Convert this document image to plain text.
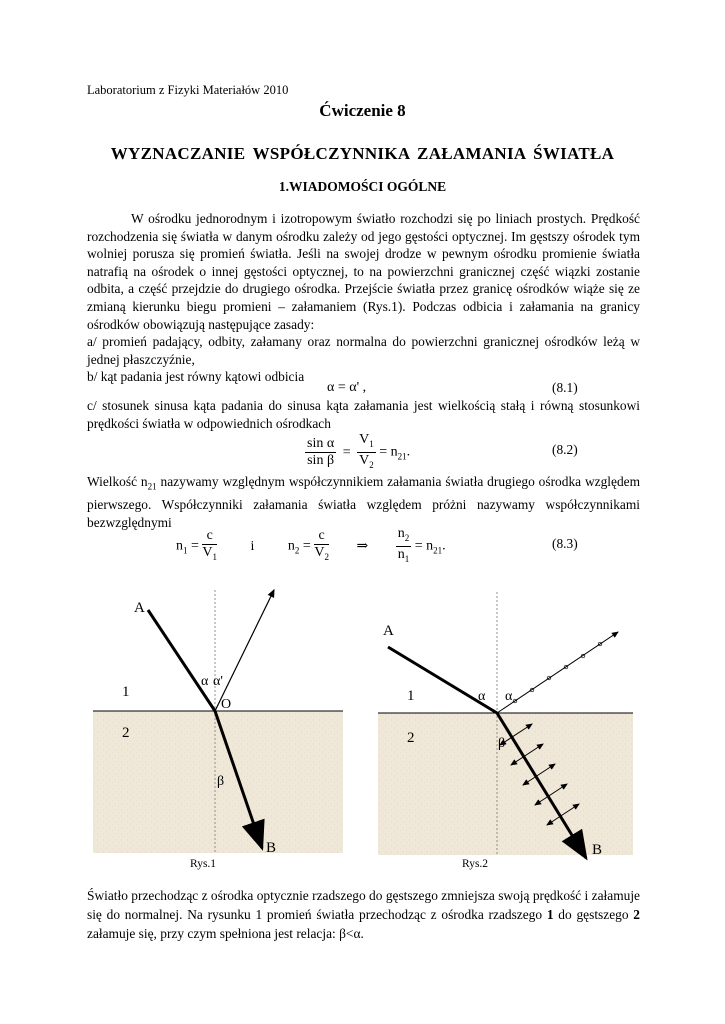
Laboratorium z Fizyki Materiałów 2010
Ćwiczenie 8
WYZNACZANIE WSPÓŁCZYNNIKA ZAŁAMANIA ŚWIATŁA
1.WIADOMOŚCI OGÓLNE

W ośrodku jednorodnym i izotropowym światło rozchodzi się po liniach prostych. Prędkość rozchodzenia się światła w danym ośrodku zależy od jego gęstości optycznej. Im gęstszy ośrodek tym wolniej porusza się promień światła. Jeśli na swojej drodze w pewnym ośrodku promienie światła natrafią na ośrodek o innej gęstości optycznej, to na powierzchni granicznej część wiązki zostanie odbita, a część przejdzie do drugiego ośrodka. Przejście światła przez granicę ośrodków wiąże się ze zmianą kierunku biegu promieni – załamaniem (Rys.1). Podczas odbicia i załamania na granicy ośrodków obowiązują następujące zasady:

a/ promień padający, odbity, załamany oraz normalna do powierzchni granicznej ośrodków leżą w jednej płaszczyźnie,

b/ kąt padania jest równy kątowi odbicia

α = α' ,	(8.1)
c/ stosunek sinusa kąta padania do sinusa kąta załamania jest wielkością stałą i równą stosunkowi prędkości światła w odpowiednich ośrodkach
$\frac{\text{sin α}}{\text{sin β}} = \frac{V_1}{V_2} = n_{21}$.	(8.2)
Wielkość $n_{21}$ nazywamy względnym współczynnikiem załamania światła drugiego ośrodka względem pierwszego. Współczynniki załamania światła względem próżni nazywamy współczynnikami bezwzględnymi
$n_1 = \frac{c}{V_1}$ i $n_2 = \frac{c}{V_2}$ ⇒ $\frac{n_2}{n_1} = n_{21}$.	(8.3)
A
B
O
1
2
α α'
β
Rys.1
A
B
1
2
α α
β
Rys.2
Światło przechodząc z ośrodka optycznie rzadszego do gęstszego zmniejsza swoją prędkość i załamuje się do normalnej. Na rysunku 1 promień światła przechodząc z ośrodka rzadszego 1 do gęstszego 2 załamuje się, przy czym spełniona jest relacja: β<α.
